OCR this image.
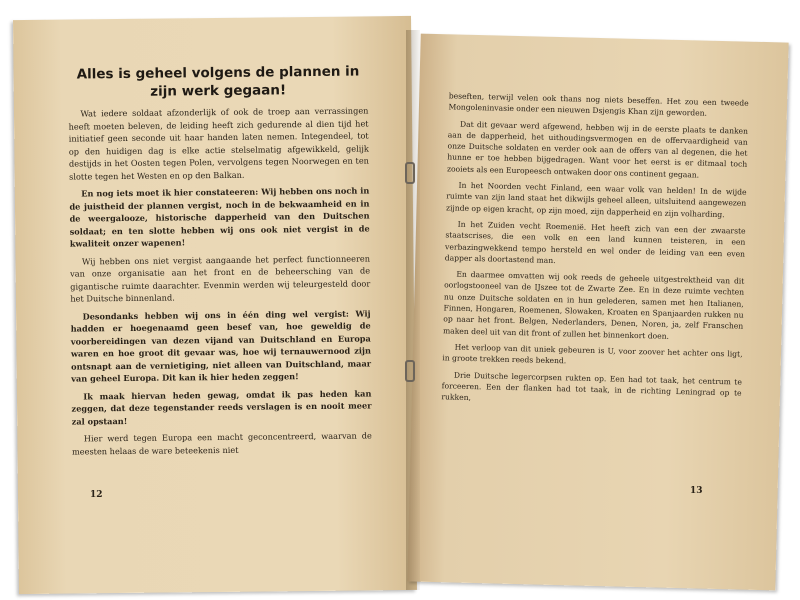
Alles is geheel volgens de plannen in zijn werk gegaan!

Wat iedere soldaat afzonderlijk of ook de troep aan verrassingen heeft moeten beleven, de leiding heeft zich gedurende al dien tijd het initiatief geen seconde uit haar handen laten nemen. Integendeel, tot op den huidigen dag is elke actie stelselmatig afgewikkeld, gelijk destijds in het Oosten tegen Polen, vervolgens tegen Noorwegen en ten slotte tegen het Westen en op den Balkan.

En nog iets moet ik hier constateeren: Wij hebben ons noch in de juistheid der plannen vergist, noch in de bekwaamheid en in de weergalooze, historische dapperheid van den Duitschen soldaat; en ten slotte hebben wij ons ook niet vergist in de kwaliteit onzer wapenen!

Wij hebben ons niet vergist aangaande het perfect functionneeren van onze organisatie aan het front en de beheersching van de gigantische ruimte daarachter. Evenmin werden wij teleurgesteld door het Duitsche binnenland.

Desondanks hebben wij ons in één ding wel vergist: Wij hadden er hoegenaamd geen besef van, hoe geweldig de voorbereidingen van dezen vijand van Duitschland en Europa waren en hoe groot dit gevaar was, hoe wij ternauwernood zijn ontsnapt aan de vernietiging, niet alleen van Duitschland, maar van geheel Europa. Dit kan ik hier heden zeggen!

Ik maak hiervan heden gewag, omdat ik pas heden kan zeggen, dat deze tegenstander reeds verslagen is en nooit meer zal opstaan!

Hier werd tegen Europa een macht geconcentreerd, waarvan de meesten helaas de ware beteekenis niet

12

beseften, terwijl velen ook thans nog niets beseffen. Het zou een tweede Mongoleninvasie onder een nieuwen Dsjengis Khan zijn geworden.

Dat dit gevaar werd afgewend, hebben wij in de eerste plaats te danken aan de dapperheid, het uithoudingsvermogen en de offervaardigheid van onze Duitsche soldaten en verder ook aan de offers van al degenen, die het hunne er toe hebben bijgedragen. Want voor het eerst is er ditmaal toch zooiets als een Europeesch ontwaken door ons continent gegaan.

In het Noorden vecht Finland, een waar volk van helden! In de wijde ruimte van zijn land staat het dikwijls geheel alleen, uitsluitend aangewezen zijnde op eigen kracht, op zijn moed, zijn dapperheid en zijn volharding.

In het Zuiden vecht Roemenië. Het heeft zich van een der zwaarste staatscrises, die een volk en een land kunnen teisteren, in een verbazingwekkend tempo hersteld en wel onder de leiding van een even dapper als doortastend man.

En daarmee omvatten wij ook reeds de geheele uitgestrektheid van dit oorlogstooneel van de IJszee tot de Zwarte Zee. En in deze ruimte vechten nu onze Duitsche soldaten en in hun gelederen, samen met hen Italianen, Finnen, Hongaren, Roemenen, Slowaken, Kroaten en Spanjaarden rukken nu op naar het front. Belgen, Nederlanders, Denen, Noren, ja, zelf Franschen maken deel uit van dit front of zullen het binnenkort doen.

Het verloop van dit uniek gebeuren is U, voor zoover het achter ons ligt, in groote trekken reeds bekend.

Drie Duitsche legercorpsen rukten op. Een had tot taak, het centrum te forceeren. Een der flanken had tot taak, in de richting Leningrad op te rukken,

13
